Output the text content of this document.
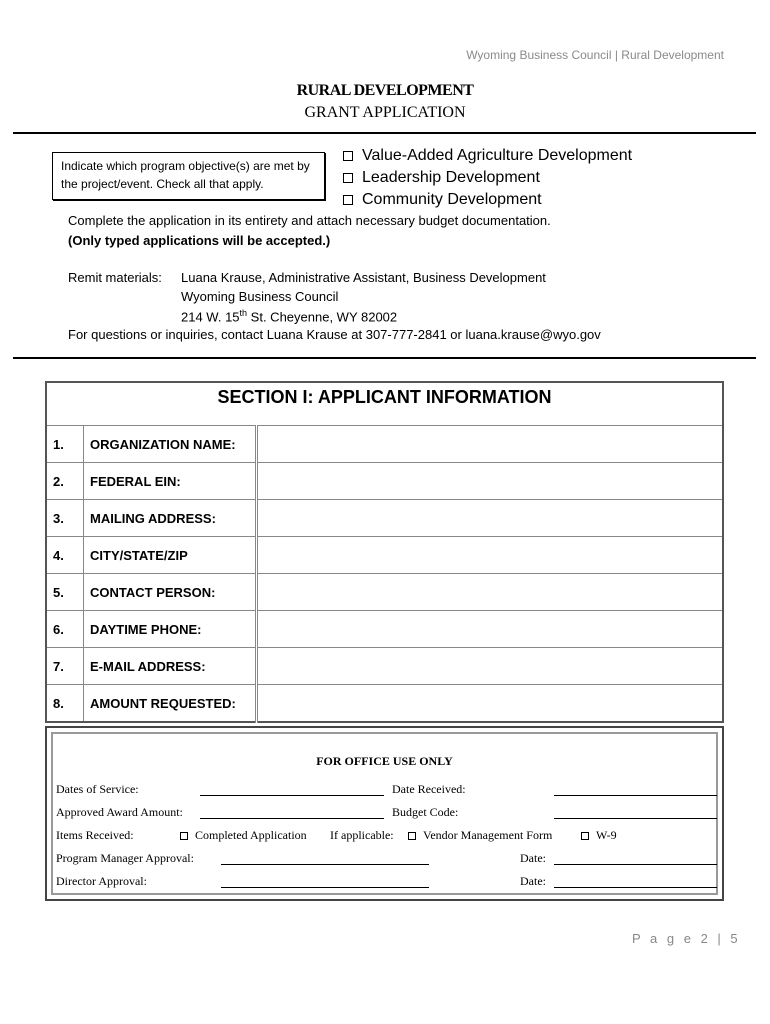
Wyoming Business Council | Rural Development
RURAL DEVELOPMENT
GRANT APPLICATION
Indicate which program objective(s) are met by the project/event. Check all that apply.
Value-Added Agriculture Development
Leadership Development
Community Development
Complete the application in its entirety and attach necessary budget documentation.
(Only typed applications will be accepted.)
Remit materials: Luana Krause, Administrative Assistant, Business Development
Wyoming Business Council
214 W. 15th St. Cheyenne, WY 82002
For questions or inquiries, contact Luana Krause at 307-777-2841 or luana.krause@wyo.gov
SECTION I: APPLICANT INFORMATION		
1.	ORGANIZATION NAME:	
2.	FEDERAL EIN:	
3.	MAILING ADDRESS:	
4.	CITY/STATE/ZIP	
5.	CONTACT PERSON:	
6.	DAYTIME PHONE:	
7.	E-MAIL ADDRESS:	
8.	AMOUNT REQUESTED:	
FOR OFFICE USE ONLY
Dates of Service:	Date Received:
Approved Award Amount:	Budget Code:
Items Received:	Completed Application If applicable:	Vendor Management Form	W-9
Program Manager Approval:	Date:
Director Approval:	Date:
P a g e 2 | 5
